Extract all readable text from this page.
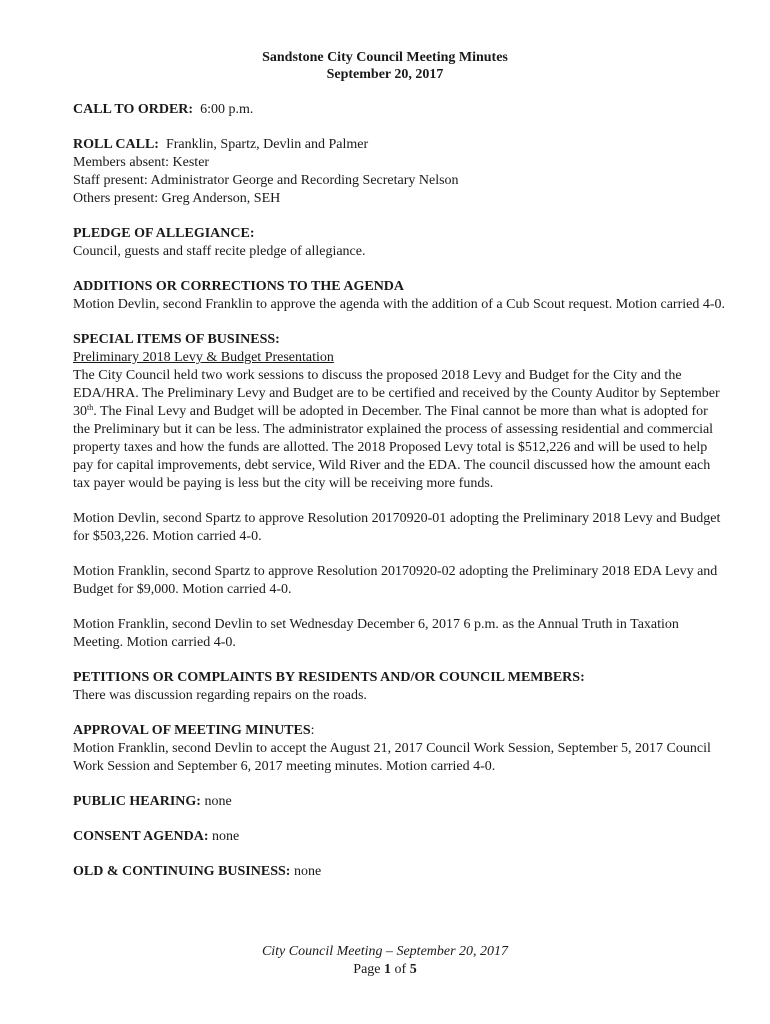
Sandstone City Council Meeting Minutes
September 20, 2017
CALL TO ORDER: 6:00 p.m.
ROLL CALL: Franklin, Spartz, Devlin and Palmer
Members absent: Kester
Staff present: Administrator George and Recording Secretary Nelson
Others present: Greg Anderson, SEH
PLEDGE OF ALLEGIANCE:
Council, guests and staff recite pledge of allegiance.
ADDITIONS OR CORRECTIONS TO THE AGENDA

Motion Devlin, second Franklin to approve the agenda with the addition of a Cub Scout request. Motion carried 4-0.

SPECIAL ITEMS OF BUSINESS:
Preliminary 2018 Levy & Budget Presentation

The City Council held two work sessions to discuss the proposed 2018 Levy and Budget for the City and the EDA/HRA. The Preliminary Levy and Budget are to be certified and received by the County Auditor by September 30th. The Final Levy and Budget will be adopted in December. The Final cannot be more than what is adopted for the Preliminary but it can be less. The administrator explained the process of assessing residential and commercial property taxes and how the funds are allotted. The 2018 Proposed Levy total is $512,226 and will be used to help pay for capital improvements, debt service, Wild River and the EDA. The council discussed how the amount each tax payer would be paying is less but the city will be receiving more funds.

Motion Devlin, second Spartz to approve Resolution 20170920-01 adopting the Preliminary 2018 Levy and Budget for $503,226. Motion carried 4-0.

Motion Franklin, second Spartz to approve Resolution 20170920-02 adopting the Preliminary 2018 EDA Levy and Budget for $9,000. Motion carried 4-0.

Motion Franklin, second Devlin to set Wednesday December 6, 2017 6 p.m. as the Annual Truth in Taxation Meeting. Motion carried 4-0.

PETITIONS OR COMPLAINTS BY RESIDENTS AND/OR COUNCIL MEMBERS:
There was discussion regarding repairs on the roads.
APPROVAL OF MEETING MINUTES:

Motion Franklin, second Devlin to accept the August 21, 2017 Council Work Session, September 5, 2017 Council Work Session and September 6, 2017 meeting minutes. Motion carried 4-0.

PUBLIC HEARING: none
CONSENT AGENDA: none
OLD & CONTINUING BUSINESS: none
City Council Meeting – September 20, 2017
Page 1 of 5
